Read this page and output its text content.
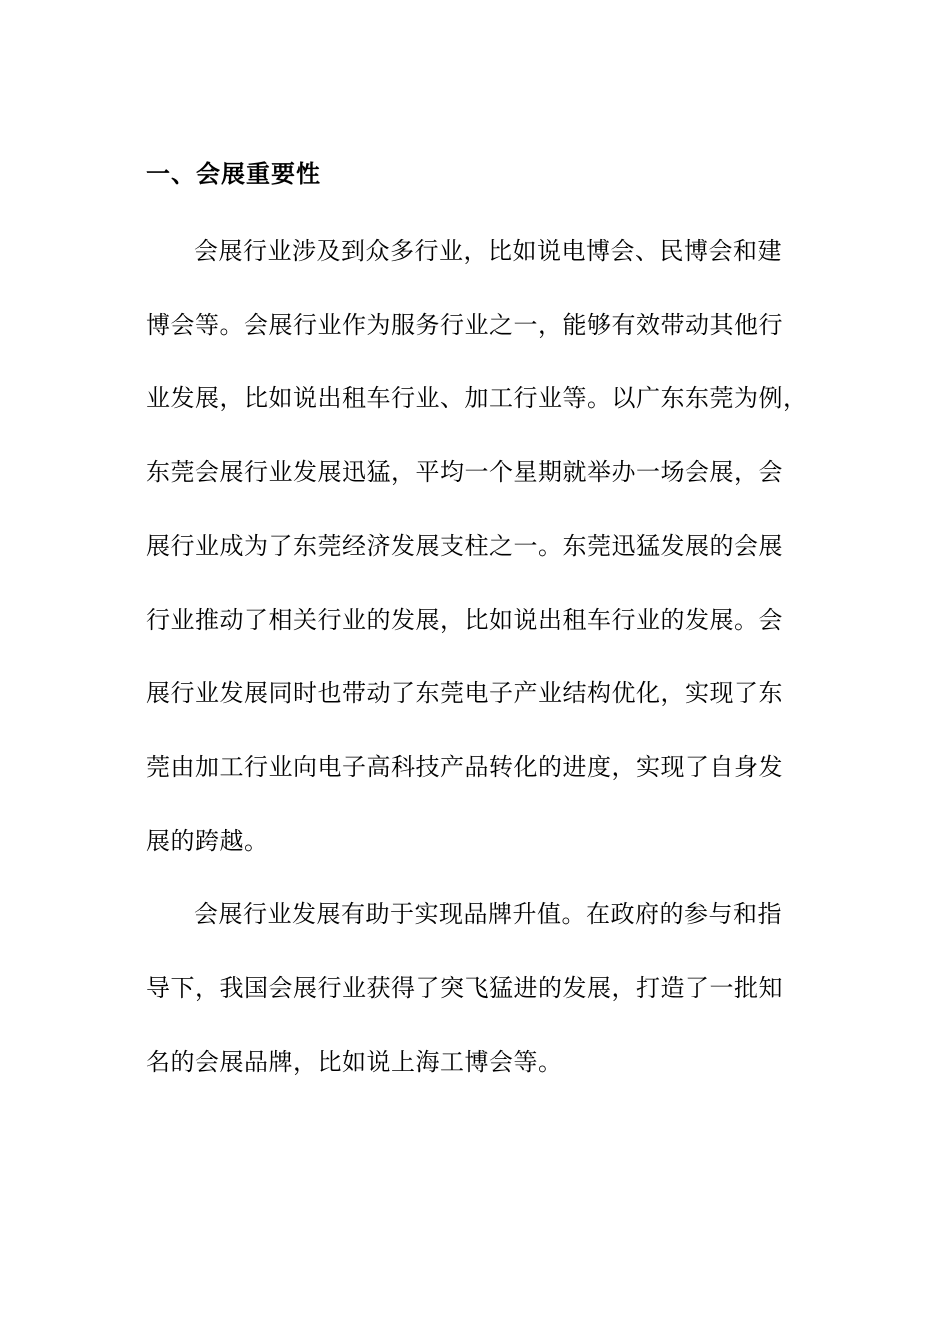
一、会展重要性

会展行业涉及到众多行业，比如说电博会、民博会和建
博会等。会展行业作为服务行业之一，能够有效带动其他行
业发展，比如说出租车行业、加工行业等。以广东东莞为例，
东莞会展行业发展迅猛，平均一个星期就举办一场会展，会
展行业成为了东莞经济发展支柱之一。东莞迅猛发展的会展
行业推动了相关行业的发展，比如说出租车行业的发展。会
展行业发展同时也带动了东莞电子产业结构优化，实现了东
莞由加工行业向电子高科技产品转化的进度，实现了自身发
展的跨越。

会展行业发展有助于实现品牌升值。在政府的参与和指
导下，我国会展行业获得了突飞猛进的发展，打造了一批知
名的会展品牌，比如说上海工博会等。
